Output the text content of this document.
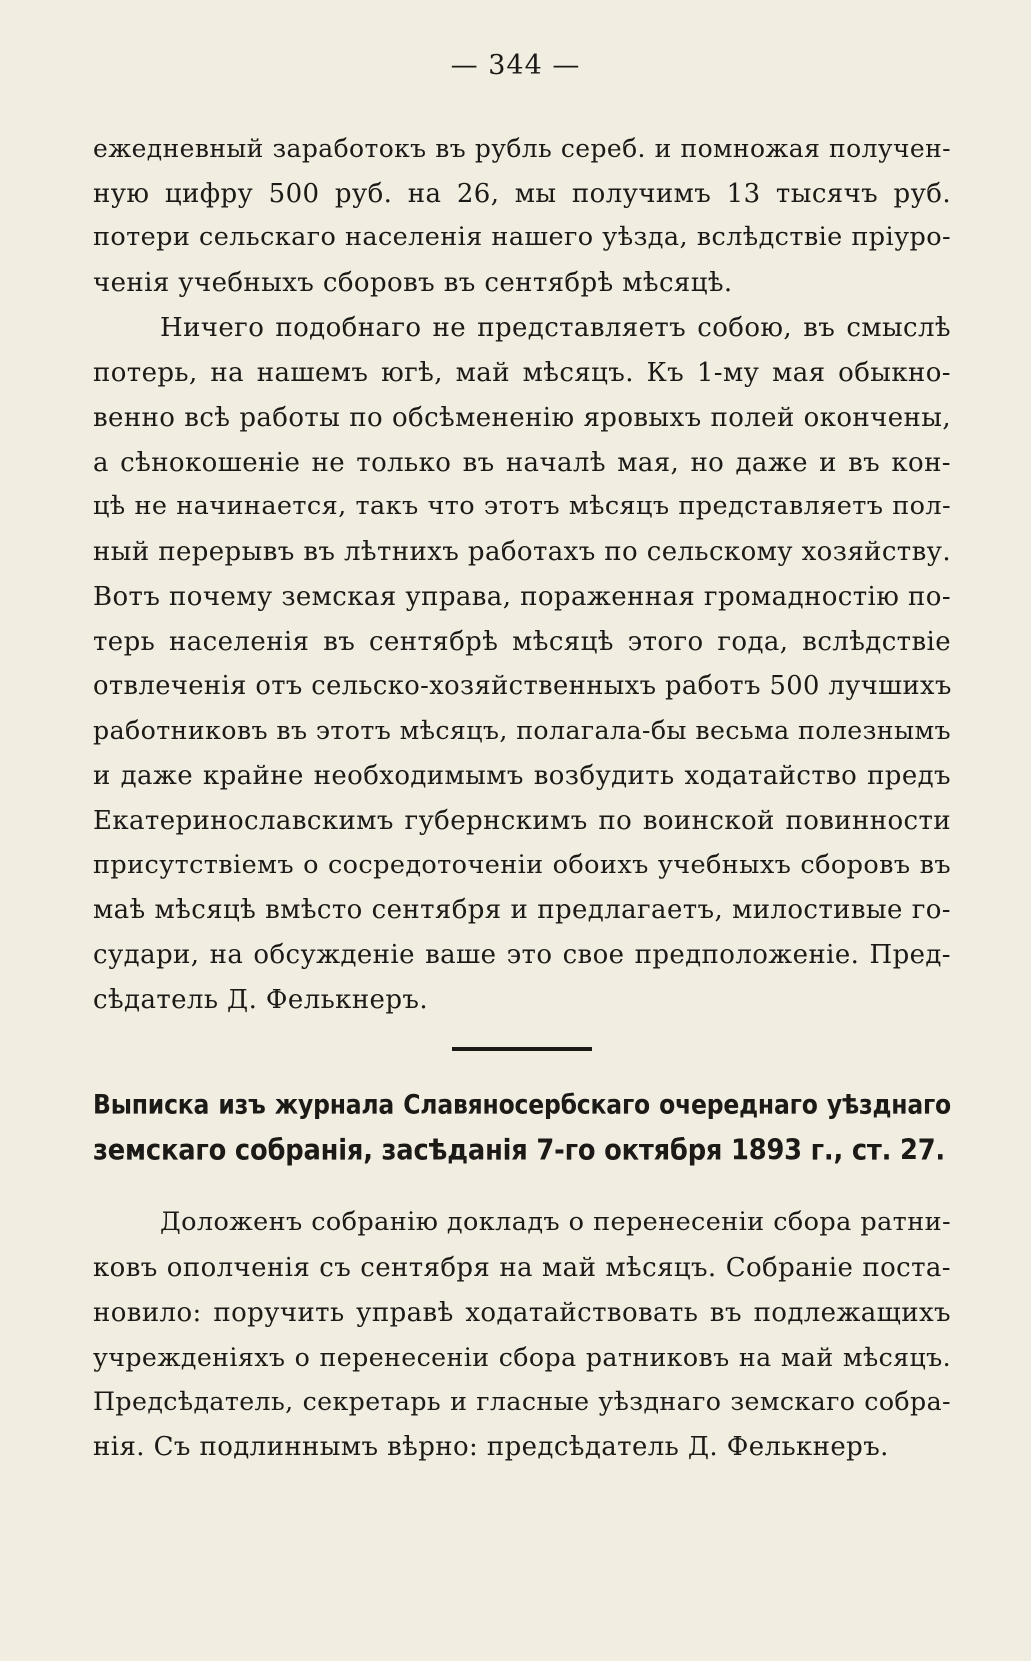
— 344 —
ежедневный заработокъ въ рубль сереб. и помножая получен-
ную цифру 500 руб. на 26, мы получимъ 13 тысячъ руб.
потери сельскаго населенія нашего уѣзда, вслѣдствіе пріуро-
ченія учебныхъ сборовъ въ сентябрѣ мѣсяцѣ.
Ничего подобнаго не представляетъ собою, въ смыслѣ
потерь, на нашемъ югѣ, май мѣсяцъ. Къ 1-му мая обыкно-
венно всѣ работы по обсѣмененію яровыхъ полей окончены,
а сѣнокошеніе не только въ началѣ мая, но даже и въ кон-
цѣ не начинается, такъ что этотъ мѣсяцъ представляетъ пол-
ный перерывъ въ лѣтнихъ работахъ по сельскому хозяйству.
Вотъ почему земская управа, пораженная громадностію по-
терь населенія въ сентябрѣ мѣсяцѣ этого года, вслѣдствіе
отвлеченія отъ сельско-хозяйственныхъ работъ 500 лучшихъ
работниковъ въ этотъ мѣсяцъ, полагала-бы весьма полезнымъ
и даже крайне необходимымъ возбудить ходатайство предъ
Екатеринославскимъ губернскимъ по воинской повинности
присутствіемъ о сосредоточеніи обоихъ учебныхъ сборовъ въ
маѣ мѣсяцѣ вмѣсто сентября и предлагаетъ, милостивые го-
судари, на обсужденіе ваше это свое предположеніе. Пред-
сѣдатель Д. Фелькнеръ.
Выписка изъ журнала Славяносербскаго очереднаго уѣзднаго
земскаго собранія, засѣданія 7-го октября 1893 г., ст. 27.
Доложенъ собранію докладъ о перенесеніи сбора ратни-
ковъ ополченія съ сентября на май мѣсяцъ. Собраніе поста-
новило: поручить управѣ ходатайствовать въ подлежащихъ
учрежденіяхъ о перенесеніи сбора ратниковъ на май мѣсяцъ.
Предсѣдатель, секретарь и гласные уѣзднаго земскаго собра-
нія. Съ подлиннымъ вѣрно: предсѣдатель Д. Фелькнеръ.
